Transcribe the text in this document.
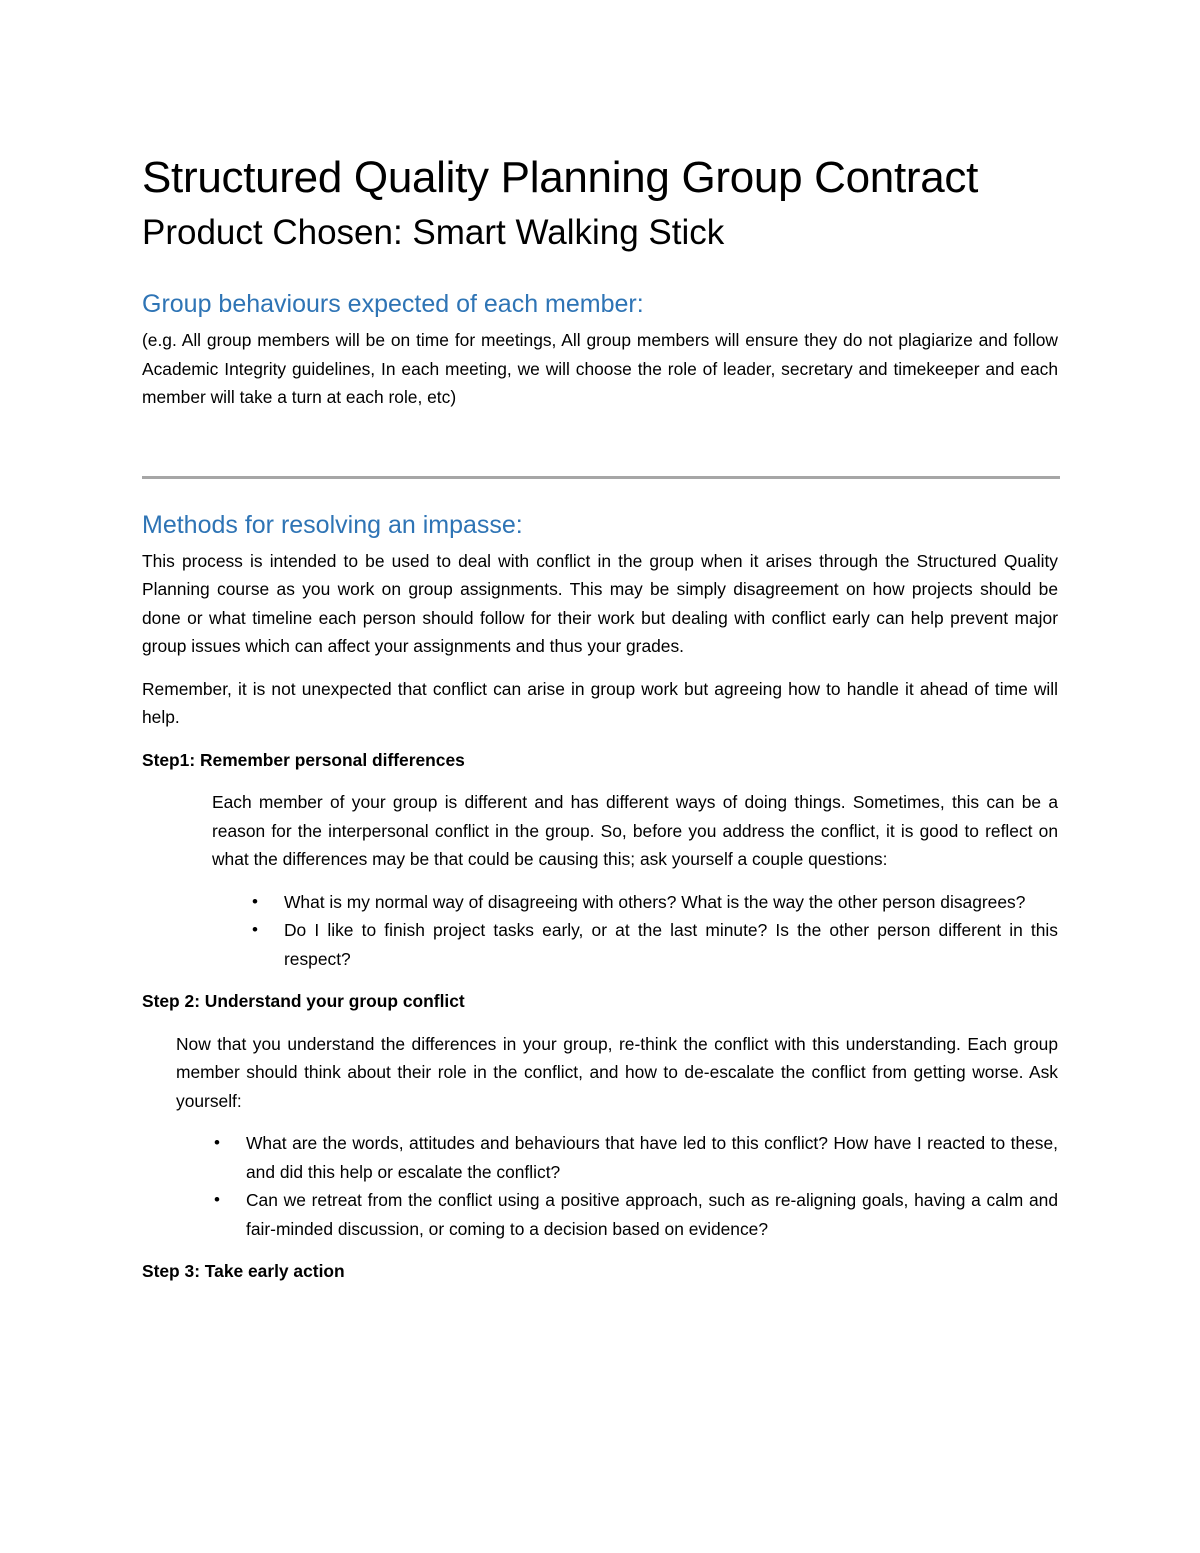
Structured Quality Planning Group Contract
Product Chosen: Smart Walking Stick
Group behaviours expected of each member:

(e.g. All group members will be on time for meetings, All group members will ensure they do not plagiarize and follow Academic Integrity guidelines, In each meeting, we will choose the role of leader, secretary and timekeeper and each member will take a turn at each role, etc)

Methods for resolving an impasse:

This process is intended to be used to deal with conflict in the group when it arises through the Structured Quality Planning course as you work on group assignments. This may be simply disagreement on how projects should be done or what timeline each person should follow for their work but dealing with conflict early can help prevent major group issues which can affect your assignments and thus your grades.

Remember, it is not unexpected that conflict can arise in group work but agreeing how to handle it ahead of time will help.

Step1: Remember personal differences

Each member of your group is different and has different ways of doing things. Sometimes, this can be a reason for the interpersonal conflict in the group. So, before you address the conflict, it is good to reflect on what the differences may be that could be causing this; ask yourself a couple questions:

• What is my normal way of disagreeing with others? What is the way the other person disagrees?
• Do I like to finish project tasks early, or at the last minute? Is the other person different in this respect?
Step 2: Understand your group conflict

Now that you understand the differences in your group, re-think the conflict with this understanding. Each group member should think about their role in the conflict, and how to de-escalate the conflict from getting worse. Ask yourself:

• What are the words, attitudes and behaviours that have led to this conflict? How have I reacted to these, and did this help or escalate the conflict?
• Can we retreat from the conflict using a positive approach, such as re-aligning goals, having a calm and fair-minded discussion, or coming to a decision based on evidence?
Step 3: Take early action
